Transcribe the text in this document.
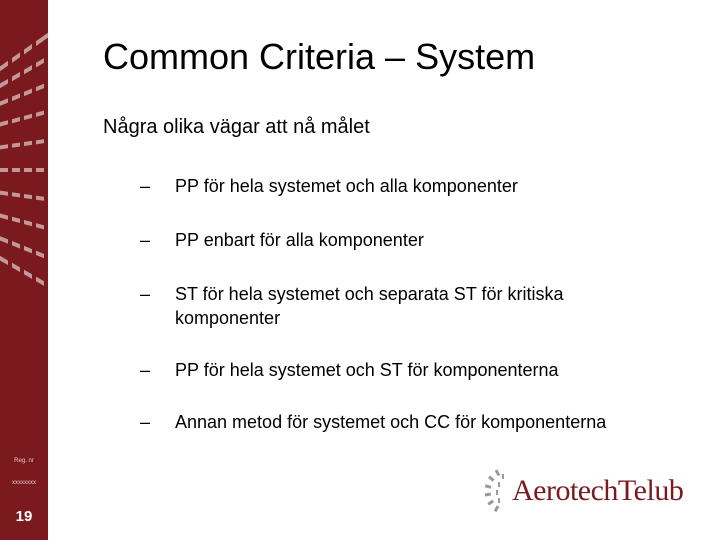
Reg. nr
xxxxxxxx
19
Common Criteria – System
Några olika vägar att nå målet
–	PP för hela systemet och alla komponenter
–	PP enbart för alla komponenter
–	ST för hela systemet och separata ST för kritiska komponenter
–	PP för hela systemet och ST för komponenterna
–	Annan metod för systemet och CC för komponenterna
AerotechTelub
